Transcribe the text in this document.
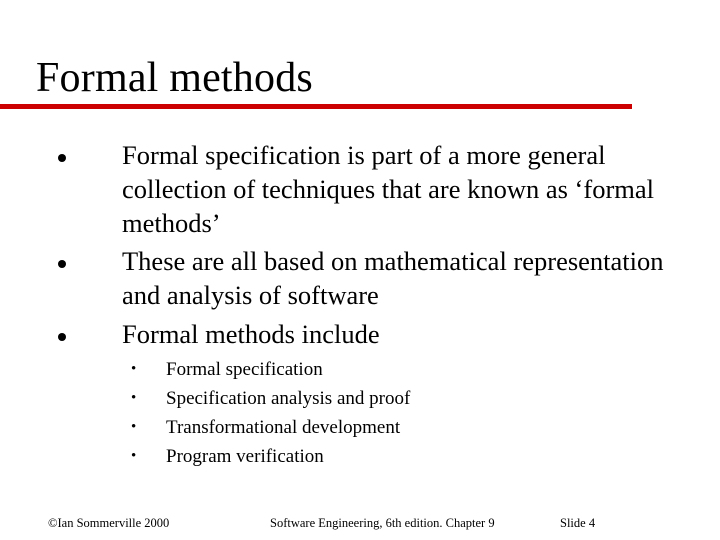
Formal methods
Formal specification is part of a more general collection of techniques that are known as ‘formal methods’
These are all based on mathematical representation and analysis of software
Formal methods include
• Formal specification
• Specification analysis and proof
• Transformational development
• Program verification
©Ian Sommerville 2000	Software Engineering, 6th edition. Chapter 9	Slide 4
